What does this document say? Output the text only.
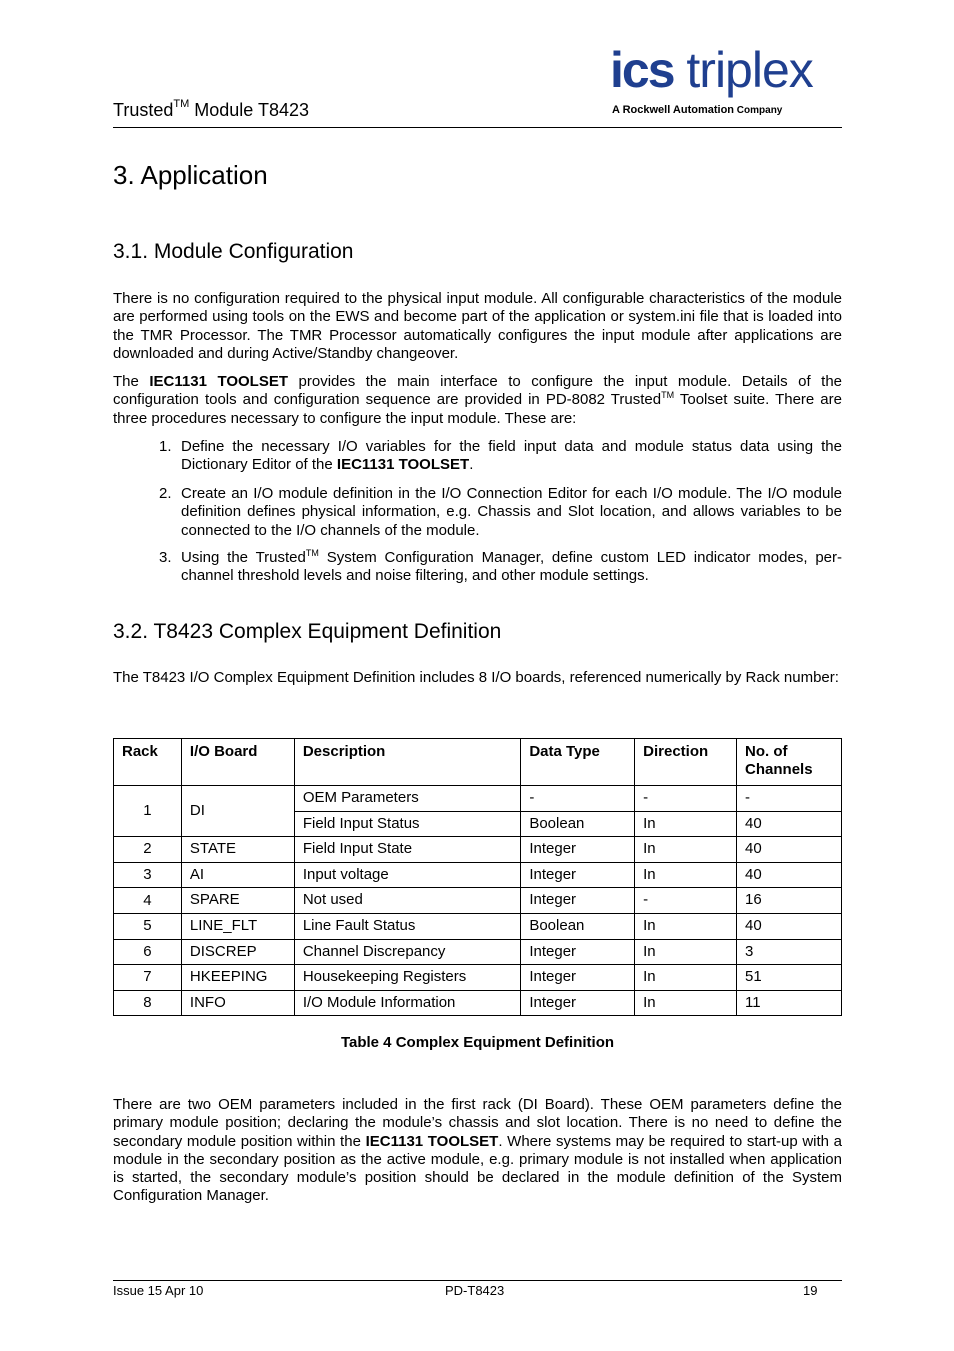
Trusted™ Module T8423
ics triplex
A Rockwell Automation Company
3. Application
3.1. Module Configuration

There is no configuration required to the physical input module. All configurable characteristics of the module are performed using tools on the EWS and become part of the application or system.ini file that is loaded into the TMR Processor. The TMR Processor automatically configures the input module after applications are downloaded and during Active/Standby changeover.

The IEC1131 TOOLSET provides the main interface to configure the input module. Details of the configuration tools and configuration sequence are provided in PD-8082 Trusted™ Toolset suite. There are three procedures necessary to configure the input module. These are:

1. Define the necessary I/O variables for the field input data and module status data using the Dictionary Editor of the IEC1131 TOOLSET.

2. Create an I/O module definition in the I/O Connection Editor for each I/O module. The I/O module definition defines physical information, e.g. Chassis and Slot location, and allows variables to be connected to the I/O channels of the module.

3. Using the Trusted™ System Configuration Manager, define custom LED indicator modes, per-channel threshold levels and noise filtering, and other module settings.

3.2. T8423 Complex Equipment Definition

The T8423 I/O Complex Equipment Definition includes 8 I/O boards, referenced numerically by Rack number:

Rack	I/O Board	Description	Data Type	Direction	No. of Channels
1	DI	OEM Parameters	-	-	-
		Field Input Status	Boolean	In	40
2	STATE	Field Input State	Integer	In	40
3	AI	Input voltage	Integer	In	40
4	SPARE	Not used	Integer	-	16
5	LINE_FLT	Line Fault Status	Boolean	In	40
6	DISCREP	Channel Discrepancy	Integer	In	3
7	HKEEPING	Housekeeping Registers	Integer	In	51
8	INFO	I/O Module Information	Integer	In	11
Table 4 Complex Equipment Definition

There are two OEM parameters included in the first rack (DI Board). These OEM parameters define the primary module position; declaring the module’s chassis and slot location. There is no need to define the secondary module position within the IEC1131 TOOLSET. Where systems may be required to start-up with a module in the secondary position as the active module, e.g. primary module is not installed when application is started, the secondary module’s position should be declared in the module definition of the System Configuration Manager.

Issue 15 Apr 10	PD-T8423	19
